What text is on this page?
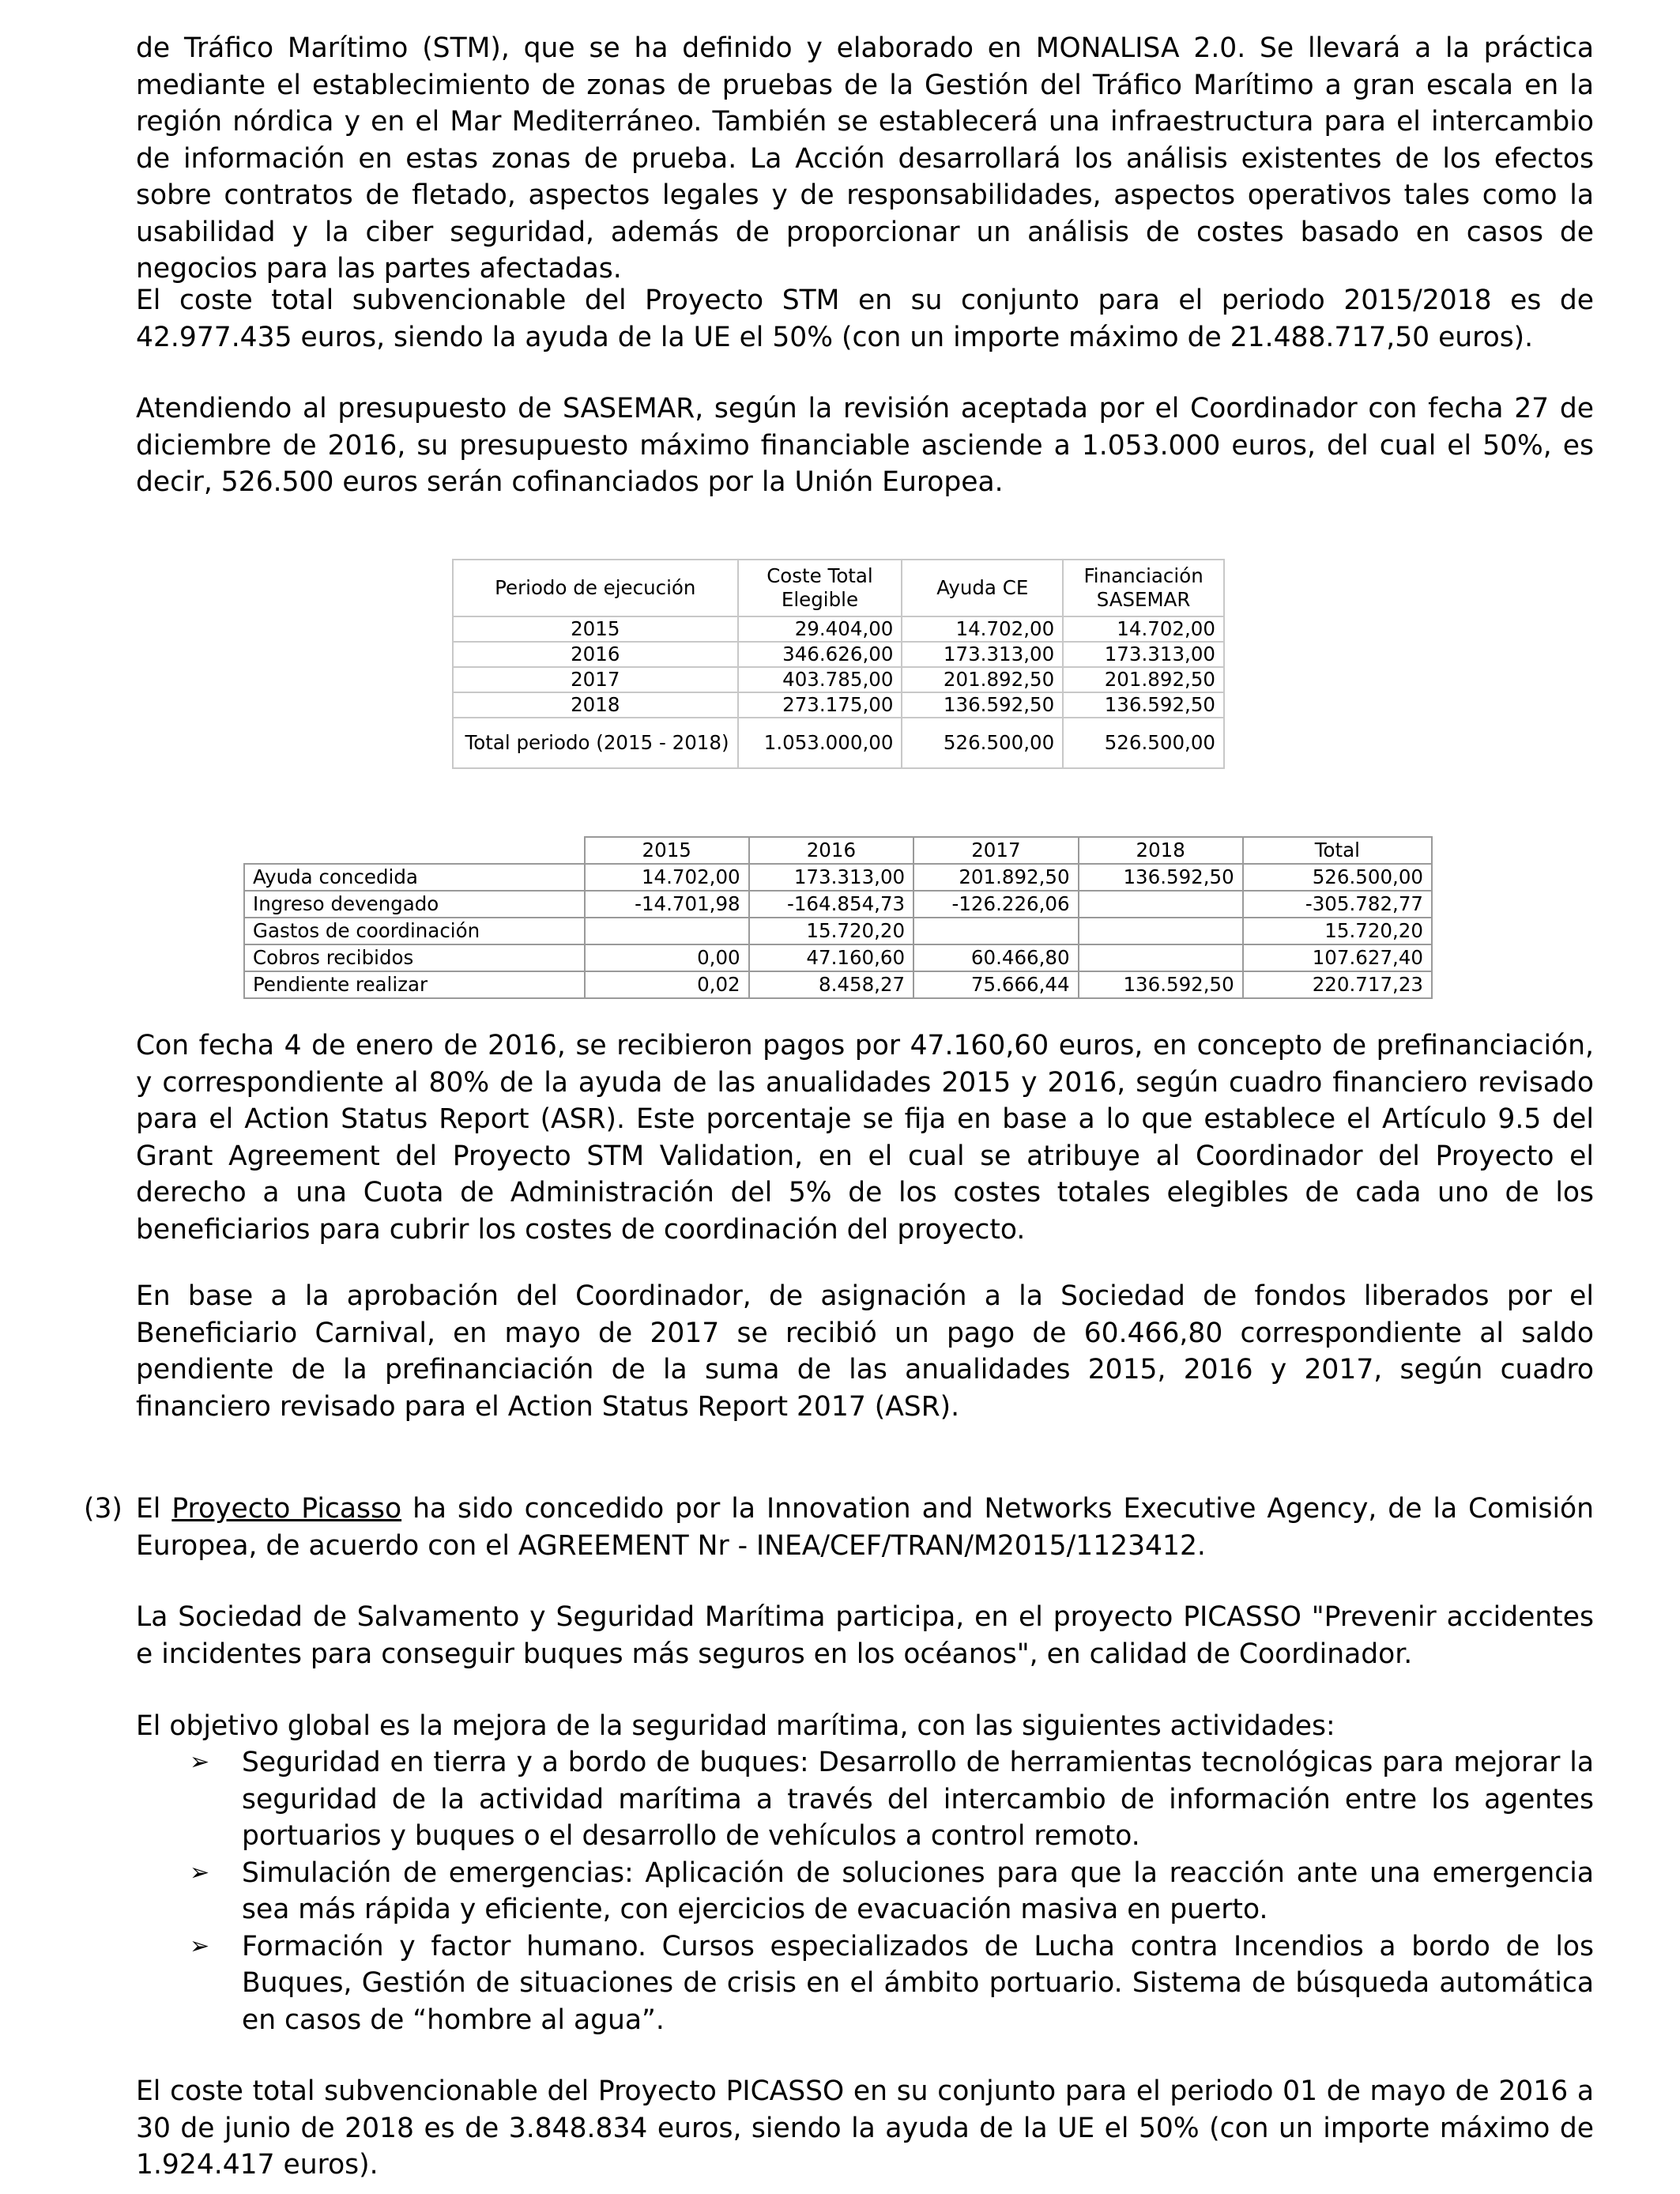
de Tráfico Marítimo (STM), que se ha definido y elaborado en MONALISA 2.0. Se llevará a la práctica mediante el establecimiento de zonas de pruebas de la Gestión del Tráfico Marítimo a gran escala en la región nórdica y en el Mar Mediterráneo. También se establecerá una infraestructura para el intercambio de información en estas zonas de prueba. La Acción desarrollará los análisis existentes de los efectos sobre contratos de fletado, aspectos legales y de responsabilidades, aspectos operativos tales como la usabilidad y la ciber seguridad, además de proporcionar un análisis de costes basado en casos de negocios para las partes afectadas.

El coste total subvencionable del Proyecto STM en su conjunto para el periodo 2015/2018 es de 42.977.435 euros, siendo la ayuda de la UE el 50% (con un importe máximo de 21.488.717,50 euros).

Atendiendo al presupuesto de SASEMAR, según la revisión aceptada por el Coordinador con fecha 27 de diciembre de 2016, su presupuesto máximo financiable asciende a 1.053.000 euros, del cual el 50%, es decir, 526.500 euros serán cofinanciados por la Unión Europea.

Periodo de ejecución	Coste Total Elegible	Ayuda CE	Financiación SASEMAR
2015	29.404,00	14.702,00	14.702,00
2016	346.626,00	173.313,00	173.313,00
2017	403.785,00	201.892,50	201.892,50
2018	273.175,00	136.592,50	136.592,50
Total periodo (2015 - 2018)	1.053.000,00	526.500,00	526.500,00
	2015	2016	2017	2018	Total
Ayuda concedida	14.702,00	173.313,00	201.892,50	136.592,50	526.500,00
Ingreso devengado	-14.701,98	-164.854,73	-126.226,06		-305.782,77
Gastos de coordinación		15.720,20			15.720,20
Cobros recibidos	0,00	47.160,60	60.466,80		107.627,40
Pendiente realizar	0,02	8.458,27	75.666,44	136.592,50	220.717,23

Con fecha 4 de enero de 2016, se recibieron pagos por 47.160,60 euros, en concepto de prefinanciación, y correspondiente al 80% de la ayuda de las anualidades 2015 y 2016, según cuadro financiero revisado para el Action Status Report (ASR). Este porcentaje se fija en base a lo que establece el Artículo 9.5 del Grant Agreement del Proyecto STM Validation, en el cual se atribuye al Coordinador del Proyecto el derecho a una Cuota de Administración del 5% de los costes totales elegibles de cada uno de los beneficiarios para cubrir los costes de coordinación del proyecto.

En base a la aprobación del Coordinador, de asignación a la Sociedad de fondos liberados por el Beneficiario Carnival, en mayo de 2017 se recibió un pago de 60.466,80 correspondiente al saldo pendiente de la prefinanciación de la suma de las anualidades 2015, 2016 y 2017, según cuadro financiero revisado para el Action Status Report 2017 (ASR).

(3) El Proyecto Picasso ha sido concedido por la Innovation and Networks Executive Agency, de la Comisión Europea, de acuerdo con el AGREEMENT Nr - INEA/CEF/TRAN/M2015/1123412.

La Sociedad de Salvamento y Seguridad Marítima participa, en el proyecto PICASSO "Prevenir accidentes e incidentes para conseguir buques más seguros en los océanos", en calidad de Coordinador.

El objetivo global es la mejora de la seguridad marítima, con las siguientes actividades:

➢ Seguridad en tierra y a bordo de buques: Desarrollo de herramientas tecnológicas para mejorar la seguridad de la actividad marítima a través del intercambio de información entre los agentes portuarios y buques o el desarrollo de vehículos a control remoto.
➢ Simulación de emergencias: Aplicación de soluciones para que la reacción ante una emergencia sea más rápida y eficiente, con ejercicios de evacuación masiva en puerto.
➢ Formación y factor humano. Cursos especializados de Lucha contra Incendios a bordo de los Buques, Gestión de situaciones de crisis en el ámbito portuario. Sistema de búsqueda automática en casos de “hombre al agua”.

El coste total subvencionable del Proyecto PICASSO en su conjunto para el periodo 01 de mayo de 2016 a 30 de junio de 2018 es de 3.848.834 euros, siendo la ayuda de la UE el 50% (con un importe máximo de 1.924.417 euros).
